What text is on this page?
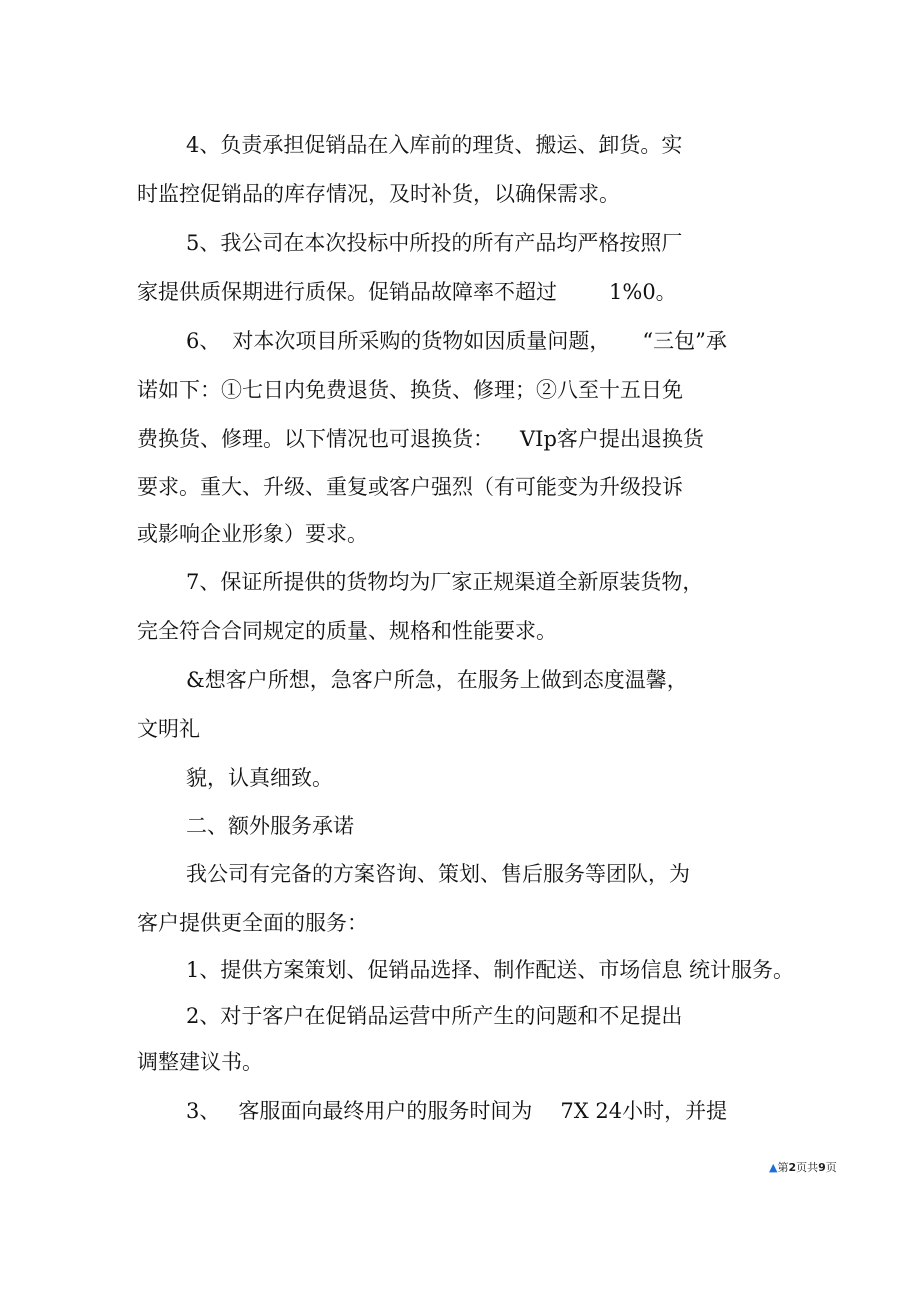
4、负责承担促销品在入库前的理货、搬运、卸货。实

时监控促销品的库存情况，及时补货，以确保需求。

5、我公司在本次投标中所投的所有产品均严格按照厂

家提供质保期进行质保。促销品故障率不超过 1%0。

6、 对本次项目所采购的货物如因质量问题， “三包”承

诺如下：①七日内免费退货、换货、修理；②八至十五日免

费换货、修理。以下情况也可退换货： VIp客户提出退换货

要求。重大、升级、重复或客户强烈（有可能变为升级投诉

或影响企业形象）要求。

7、保证所提供的货物均为厂家正规渠道全新原装货物，

完全符合合同规定的质量、规格和性能要求。

&想客户所想，急客户所急，在服务上做到态度温馨，

文明礼

貌，认真细致。

二、额外服务承诺

我公司有完备的方案咨询、策划、售后服务等团队，为

客户提供更全面的服务：

1、提供方案策划、促销品选择、制作配送、市场信息 统计服务。

2、对于客户在促销品运营中所产生的问题和不足提出

调整建议书。

3、 客服面向最终用户的服务时间为 7X 24小时，并提

▲第2页共9页
